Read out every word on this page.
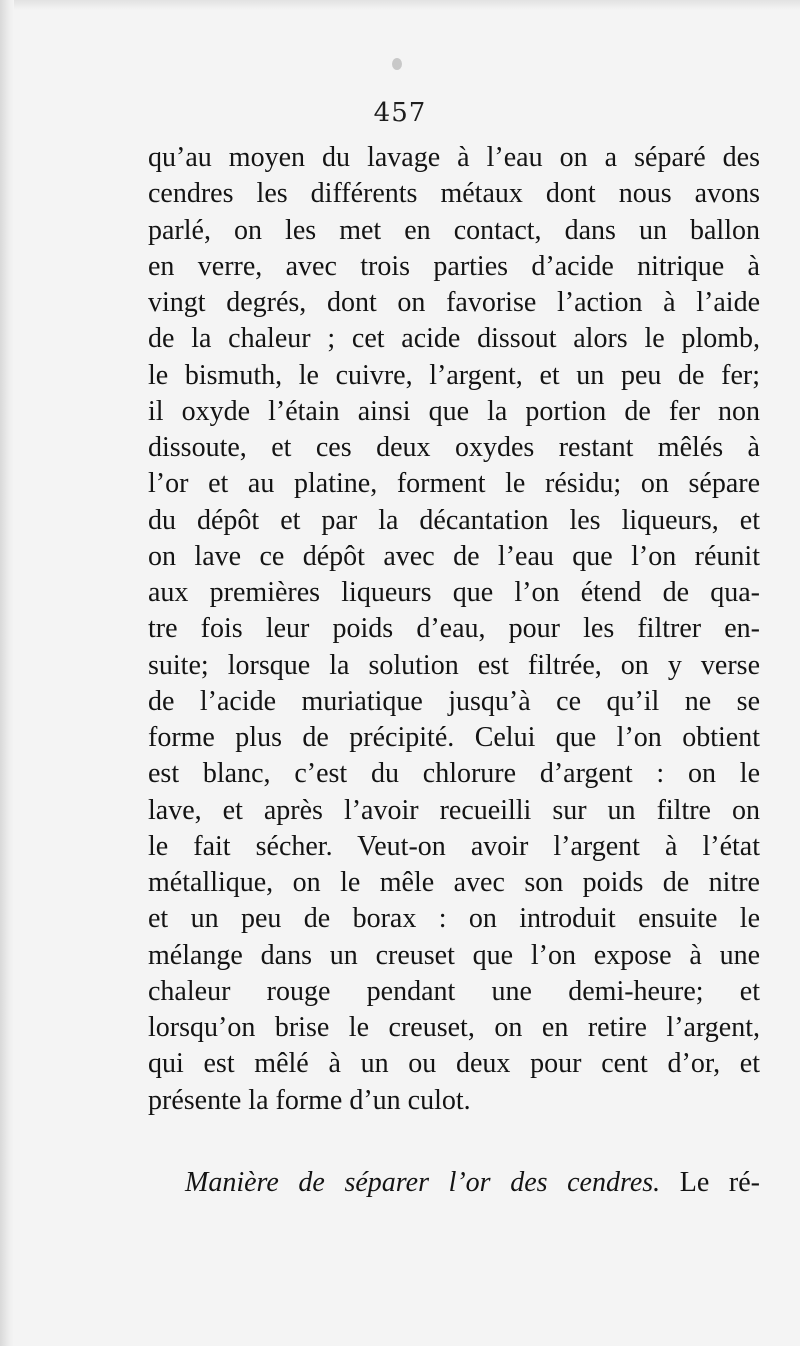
457
qu’au moyen du lavage à l’eau on a séparé des
cendres les différents métaux dont nous avons
parlé, on les met en contact, dans un ballon
en verre, avec trois parties d’acide nitrique à
vingt degrés, dont on favorise l’action à l’aide
de la chaleur ; cet acide dissout alors le plomb,
le bismuth, le cuivre, l’argent, et un peu de fer;
il oxyde l’étain ainsi que la portion de fer non
dissoute, et ces deux oxydes restant mêlés à
l’or et au platine, forment le résidu; on sépare
du dépôt et par la décantation les liqueurs, et
on lave ce dépôt avec de l’eau que l’on réunit
aux premières liqueurs que l’on étend de qua-
tre fois leur poids d’eau, pour les filtrer en-
suite; lorsque la solution est filtrée, on y verse
de l’acide muriatique jusqu’à ce qu’il ne se
forme plus de précipité. Celui que l’on obtient
est blanc, c’est du chlorure d’argent : on le
lave, et après l’avoir recueilli sur un filtre on
le fait sécher. Veut-on avoir l’argent à l’état
métallique, on le mêle avec son poids de nitre
et un peu de borax : on introduit ensuite le
mélange dans un creuset que l’on expose à une
chaleur rouge pendant une demi-heure; et
lorsqu’on brise le creuset, on en retire l’argent,
qui est mêlé à un ou deux pour cent d’or, et
présente la forme d’un culot.
Manière de séparer l’or des cendres. Le ré-
